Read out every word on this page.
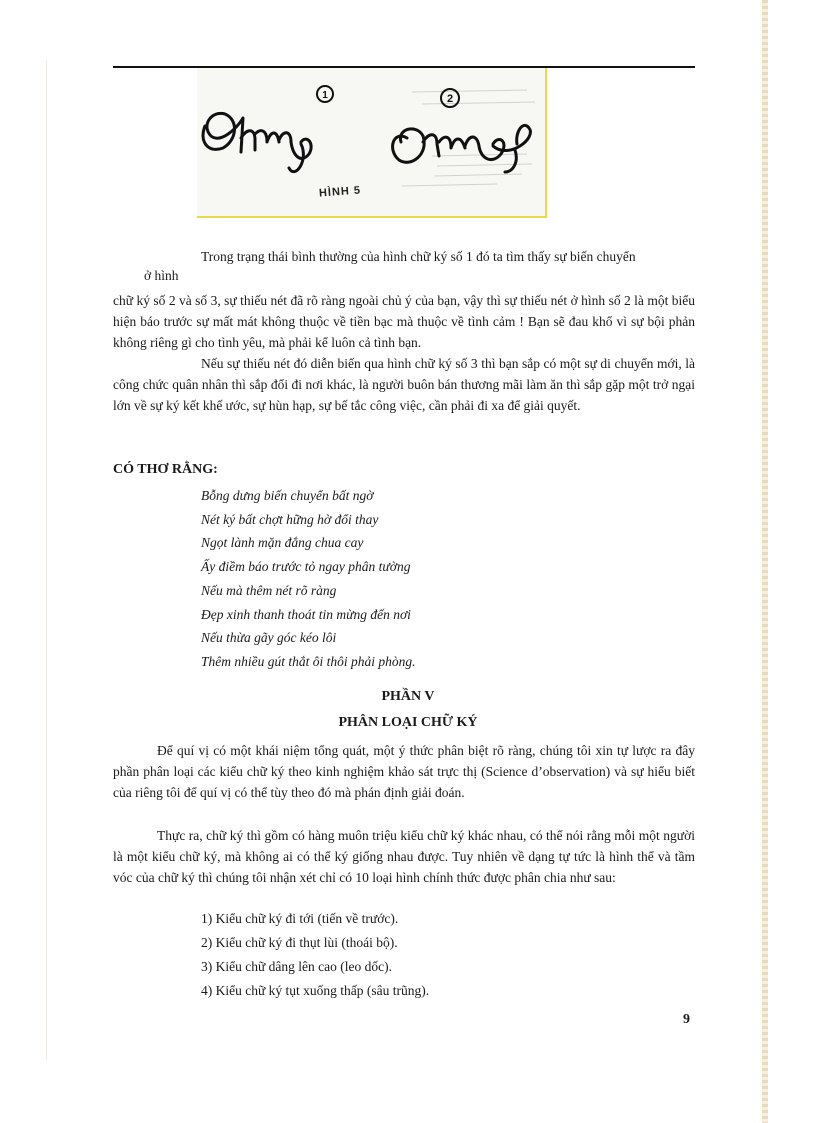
1	2
HÌNH 5

Trong trạng thái bình thường của hình chữ ký số 1 đó ta tìm thấy sự biến chuyển

ở hình

chữ ký số 2 và số 3, sự thiếu nét đã rõ ràng ngoài chủ ý của bạn, vậy thì sự thiếu nét ở hình số 2 là một biểu hiện báo trước sự mất mát không thuộc về tiền bạc mà thuộc về tình cảm ! Bạn sẽ đau khổ vì sự bội phản không riêng gì cho tình yêu, mà phải kể luôn cả tình bạn.

Nếu sự thiếu nét đó diễn biến qua hình chữ ký số 3 thì bạn sắp có một sự di chuyển mới, là công chức quân nhân thì sắp đổi đi nơi khác, là người buôn bán thương mãi làm ăn thì sắp gặp một trở ngại lớn về sự ký kết khế ước, sự hùn hạp, sự bế tắc công việc, cần phải đi xa để giải quyết.

CÓ THƠ RẰNG:
Bỗng dưng biến chuyển bất ngờ
Nét ký bất chợt hững hờ đổi thay
Ngọt lành mặn đắng chua cay
Ấy điềm báo trước tỏ ngay phân tường
Nếu mà thêm nét rõ ràng
Đẹp xinh thanh thoát tin mừng đến nơi
Nếu thừa gãy góc kéo lôi
Thêm nhiều gút thắt ôi thôi phải phòng.
PHẦN V
PHÂN LOẠI CHỮ KÝ

Để quí vị có một khái niệm tổng quát, một ý thức phân biệt rõ ràng, chúng tôi xin tự lược ra đây phần phân loại các kiểu chữ ký theo kinh nghiệm khảo sát trực thị (Science d’observation) và sự hiểu biết của riêng tôi để quí vị có thể tùy theo đó mà phán định giải đoán.

Thực ra, chữ ký thì gồm có hàng muôn triệu kiểu chữ ký khác nhau, có thể nói rằng mỗi một người là một kiểu chữ ký, mà không ai có thể ký giống nhau được. Tuy nhiên về dạng tự tức là hình thể và tầm vóc của chữ ký thì chúng tôi nhận xét chỉ có 10 loại hình chính thức được phân chia như sau:

1) Kiểu chữ ký đi tới (tiến về trước).
2) Kiểu chữ ký đi thụt lùi (thoái bộ).
3) Kiểu chữ dâng lên cao (leo dốc).
4) Kiểu chữ ký tụt xuống thấp (sâu trũng).
9
